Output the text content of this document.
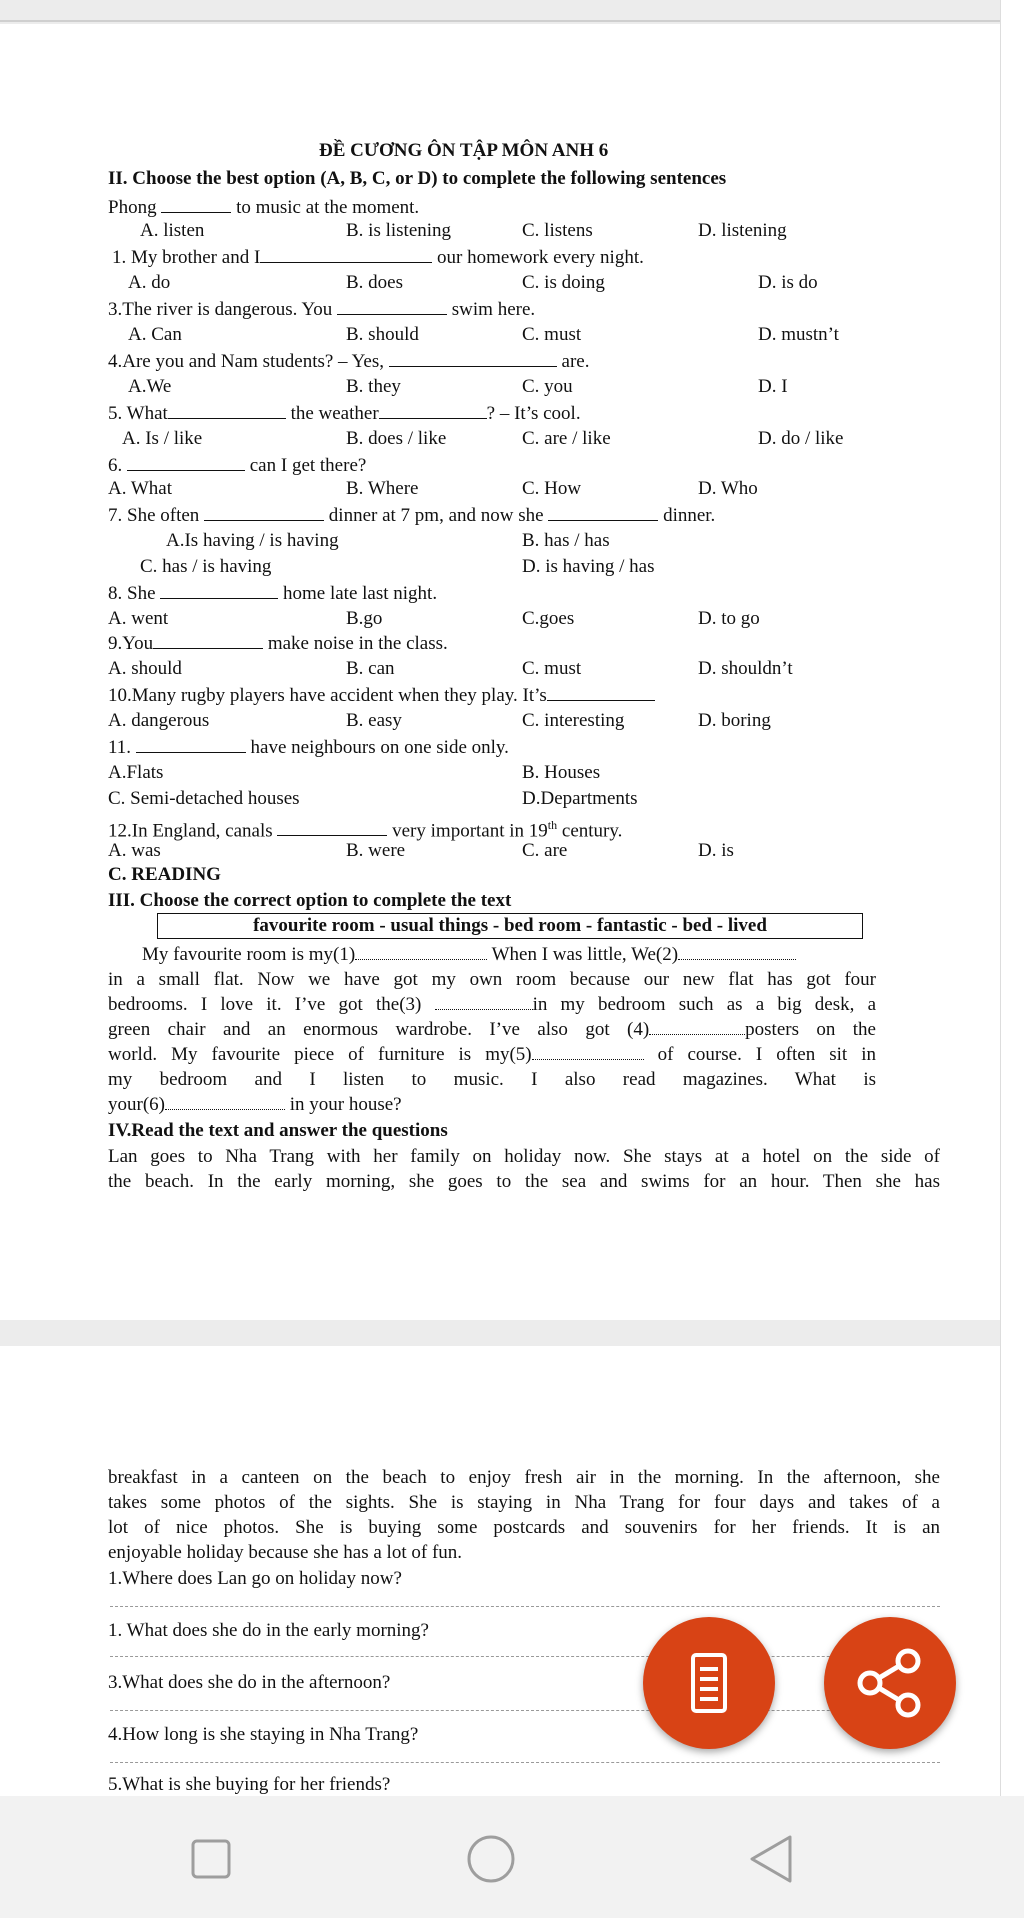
ĐỀ CƯƠNG ÔN TẬP MÔN ANH 6
II. Choose the best option (A, B, C, or D) to complete the following sentences
Phong	to music at the moment.
A. listen	B. is listening	C. listens	D. listening
1. My brother and I	our homework every night.
A. do	B. does	C. is doing	D. is do
3.The river is dangerous. You	swim here.
A. Can	B. should	C. must	D. mustn’t
4.Are you and Nam students? – Yes,	are.
A.We	B. they	C. you	D. I
5. What	the weather	? – It’s cool.
A. Is / like	B. does / like	C. are / like	D. do / like
6.	can I get there?
A. What	B. Where	C. How	D. Who
7. She often	dinner at 7 pm, and now she	dinner.
A.Is having / is having	B. has / has
C. has / is having	D. is having / has
8. She	home late last night.
A. went	B.go	C.goes	D. to go
9.You	make noise in the class.
A. should	B. can	C. must	D. shouldn’t
10.Many rugby players have accident when they play. It’s
A. dangerous	B. easy	C. interesting	D. boring
11.	have neighbours on one side only.
A.Flats	B. Houses
C. Semi-detached houses	D.Departments
12.In England, canals	very important in 19th century.
A. was	B. were	C. are	D. is
C. READING
III. Choose the correct option to complete the text
favourite room - usual things - bed room - fantastic - bed - lived
My favourite room is my(1)	When I was little, We(2)
in a small flat. Now we have got my own room because our new flat has got four
bedrooms. I love it. I’ve got the(3)	in my bedroom such as a big desk, a
green chair and an enormous wardrobe. I’ve also got (4)	posters on the
world. My favourite piece of furniture is my(5)	of course. I often sit in
my bedroom and I listen to music. I also read magazines. What is
your(6)	in your house?
IV.Read the text and answer the questions
Lan goes to Nha Trang with her family on holiday now. She stays at a hotel on the side of
the beach. In the early morning, she goes to the sea and swims for an hour. Then she has
breakfast in a canteen on the beach to enjoy fresh air in the morning. In the afternoon, she
takes some photos of the sights. She is staying in Nha Trang for four days and takes of a
lot of nice photos. She is buying some postcards and souvenirs for her friends. It is an
enjoyable holiday because she has a lot of fun.
1.Where does Lan go on holiday now?
1. What does she do in the early morning?
3.What does she do in the afternoon?
4.How long is she staying in Nha Trang?
5.What is she buying for her friends?
